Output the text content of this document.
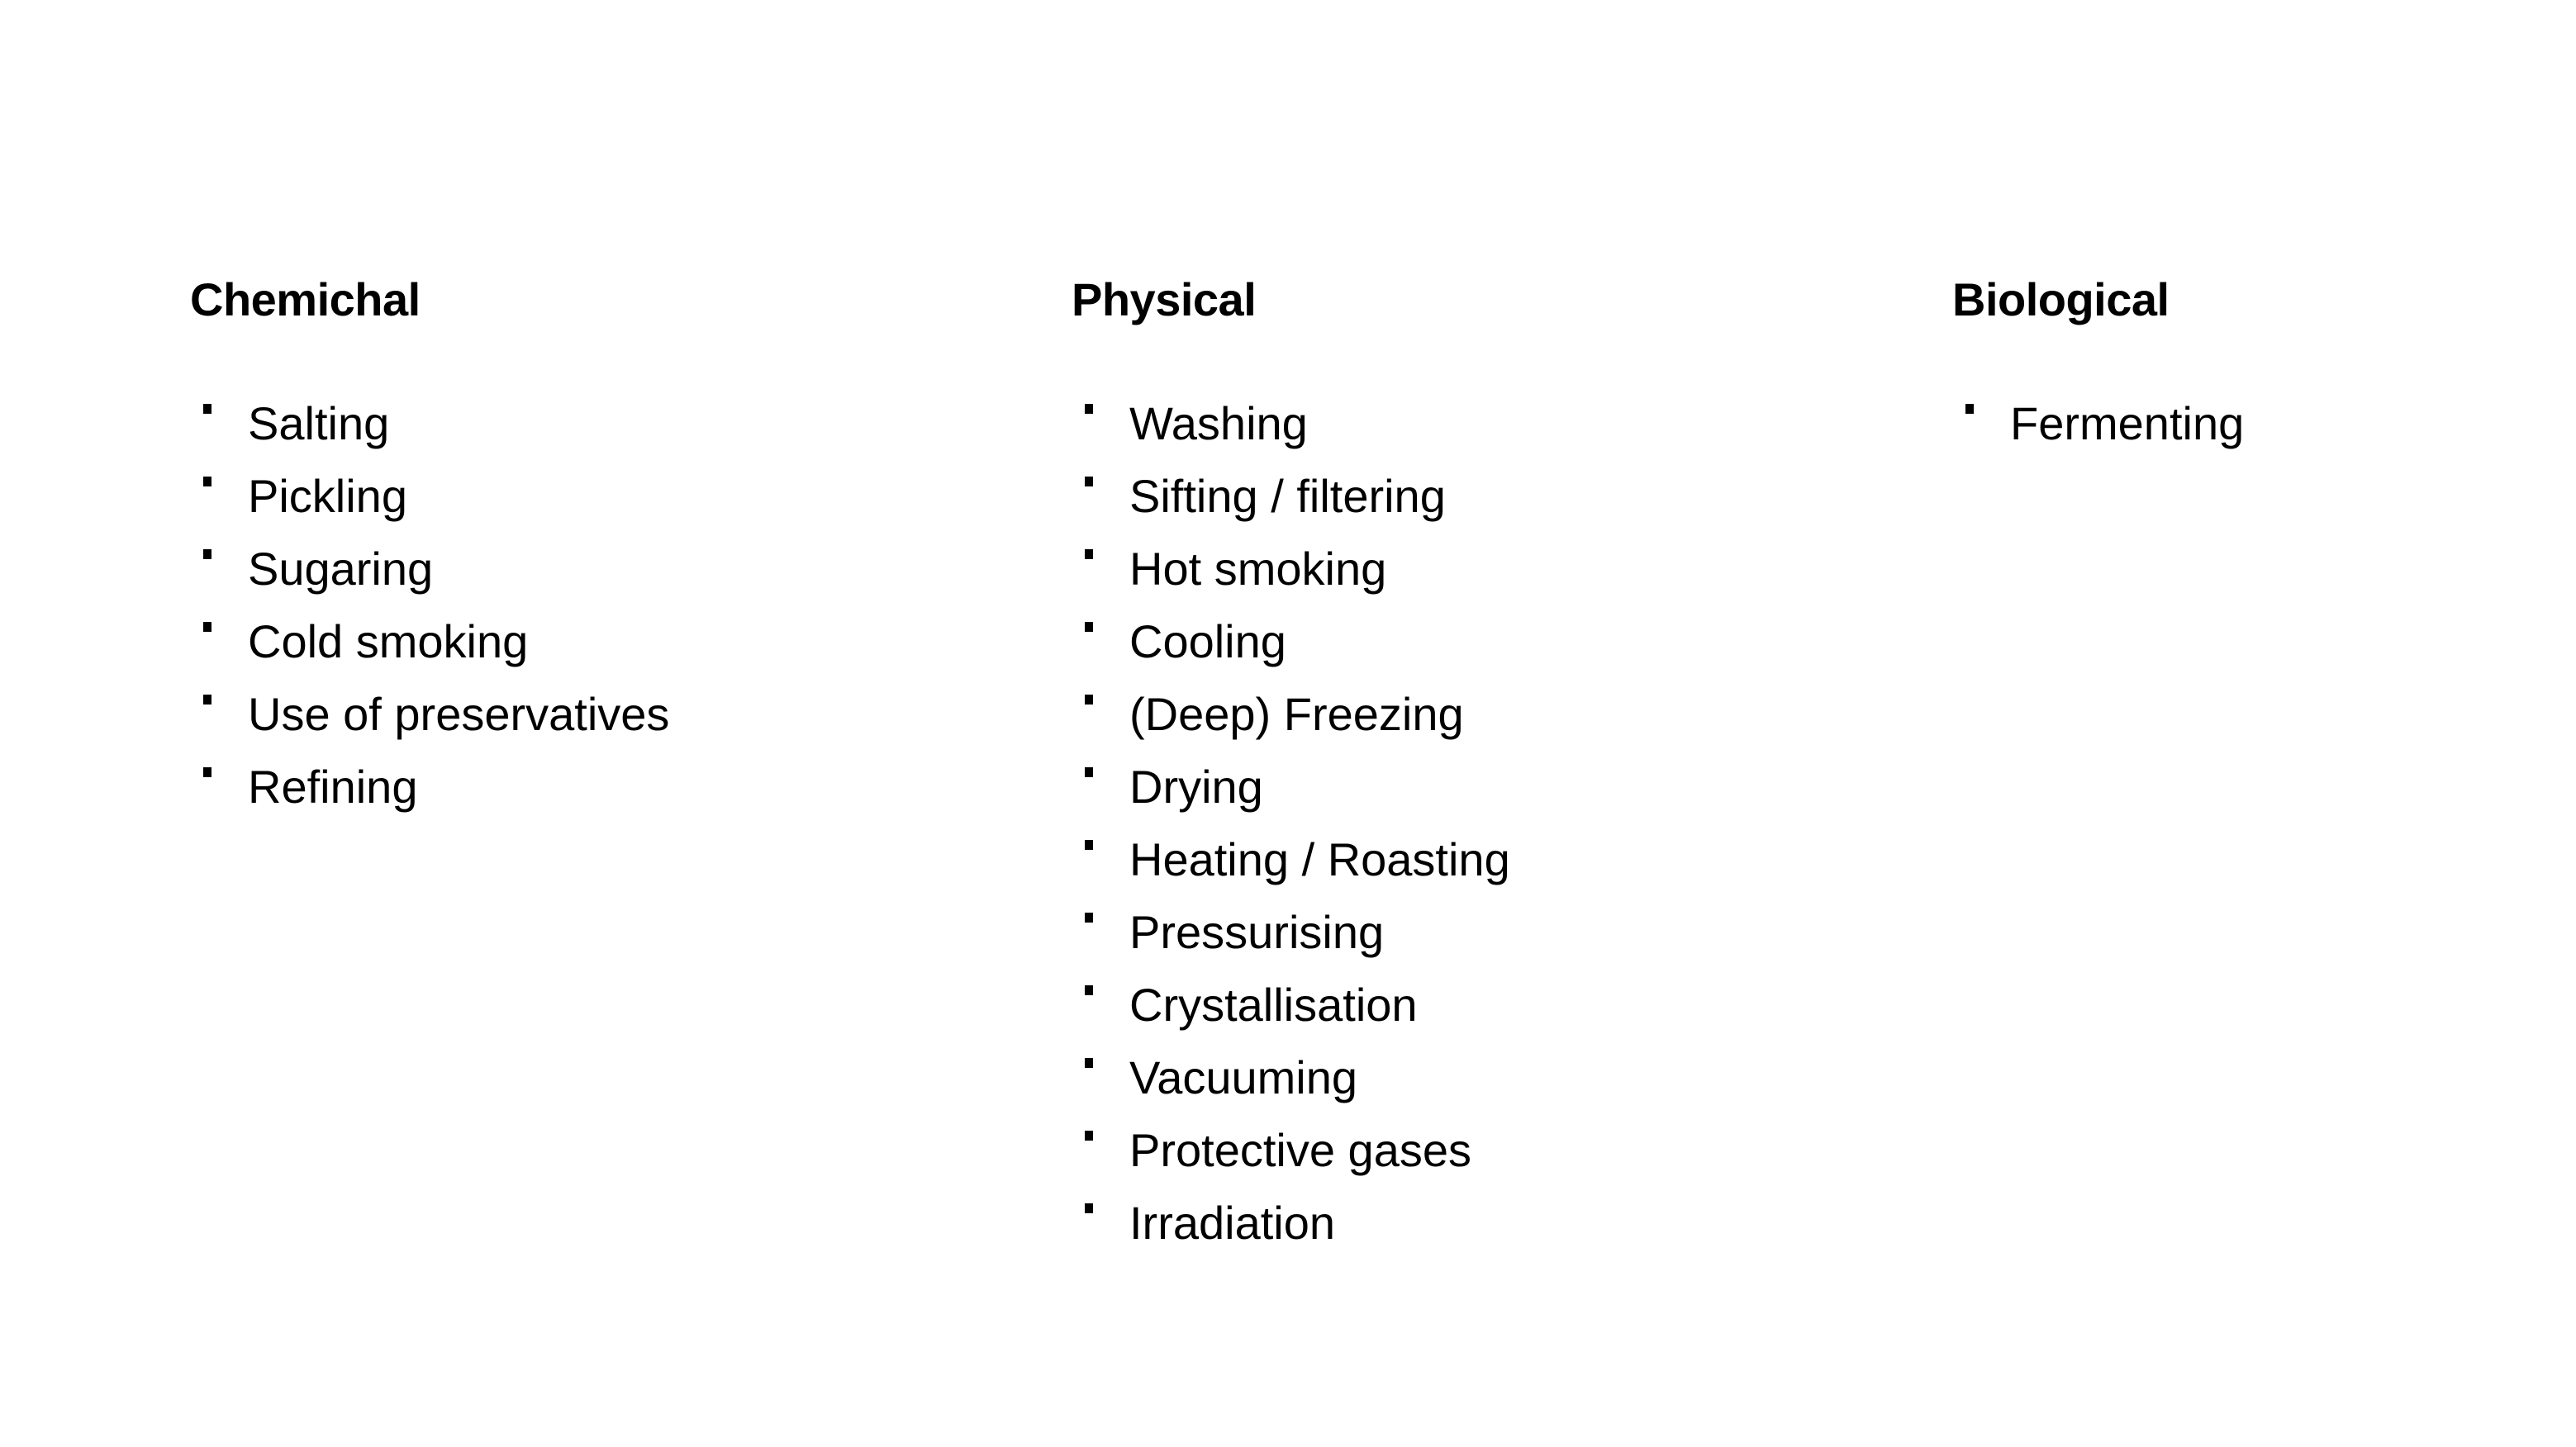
Chemichal
Salting
Pickling
Sugaring
Cold smoking
Use of preservatives
Refining
Physical
Washing
Sifting / filtering
Hot smoking
Cooling
(Deep) Freezing
Drying
Heating / Roasting
Pressurising
Crystallisation
Vacuuming
Protective gases
Irradiation
Biological
Fermenting
